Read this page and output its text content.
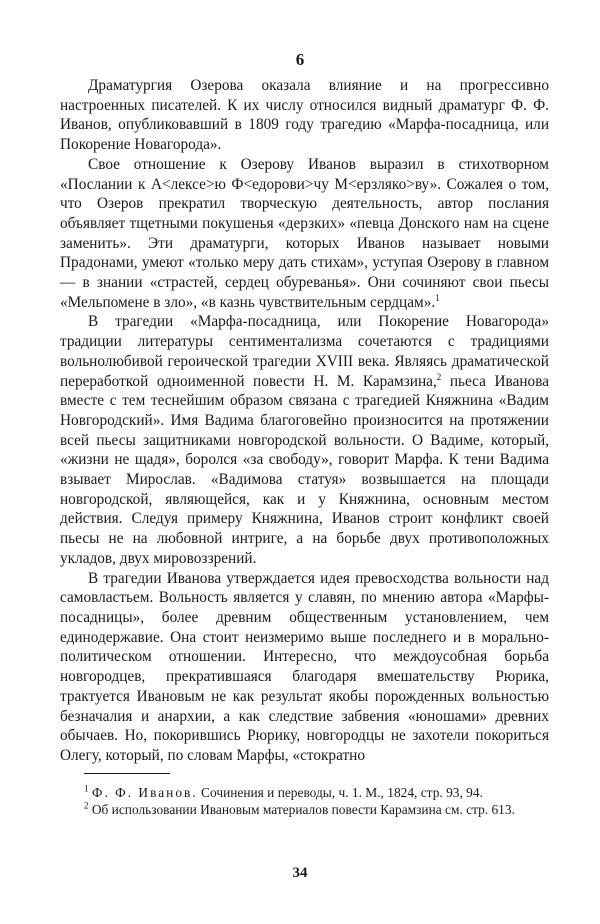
6

Драматургия Озерова оказала влияние и на прогрессивно настроенных писателей. К их числу относился видный драматург Ф. Ф. Иванов, опубликовавший в 1809 году трагедию «Марфа-посадница, или Покорение Новагорода».

Свое отношение к Озерову Иванов выразил в стихотворном «Послании к А<лексе>ю Ф<едорови>чу М<ерзляко>ву». Сожалея о том, что Озеров прекратил творческую деятельность, автор послания объявляет тщетными покушенья «дерзких» «певца Донского нам на сцене заменить». Эти драматурги, которых Иванов называет новыми Прадонами, умеют «только меру дать стихам», уступая Озерову в главном — в знании «страстей, сердец обуреванья». Они сочиняют свои пьесы «Мельпомене в зло», «в казнь чувствительным сердцам».$^1$

В трагедии «Марфа-посадница, или Покорение Новагорода» традиции литературы сентиментализма сочетаются с традициями вольнолюбивой героической трагедии XVIII века. Являясь драматической переработкой одноименной повести Н. М. Карамзина,$^2$ пьеса Иванова вместе с тем теснейшим образом связана с трагедией Княжнина «Вадим Новгородский». Имя Вадима благоговейно произносится на протяжении всей пьесы защитниками новгородской вольности. О Вадиме, который, «жизни не щадя», боролся «за свободу», говорит Марфа. К тени Вадима взывает Мирослав. «Вадимова статуя» возвышается на площади новгородской, являющейся, как и у Княжнина, основным местом действия. Следуя примеру Княжнина, Иванов строит конфликт своей пьесы не на любовной интриге, а на борьбе двух противоположных укладов, двух мировоззрений.

В трагедии Иванова утверждается идея превосходства вольности над самовластьем. Вольность является у славян, по мнению автора «Марфы-посадницы», более древним общественным установлением, чем единодержавие. Она стоит неизмеримо выше последнего и в морально-политическом отношении. Интересно, что междоусобная борьба новгородцев, прекратившаяся благодаря вмешательству Рюрика, трактуется Ивановым не как результат якобы порожденных вольностью безначалия и анархии, а как следствие забвения «юношами» древних обычаев. Но, покорившись Рюрику, новгородцы не захотели покориться Олегу, который, по словам Марфы, «стократно

$^1$ Ф. Ф. Иванов. Сочинения и переводы, ч. 1. М., 1824, стр. 93, 94.

$^2$ Об использовании Ивановым материалов повести Карамзина см. стр. 613.

34
